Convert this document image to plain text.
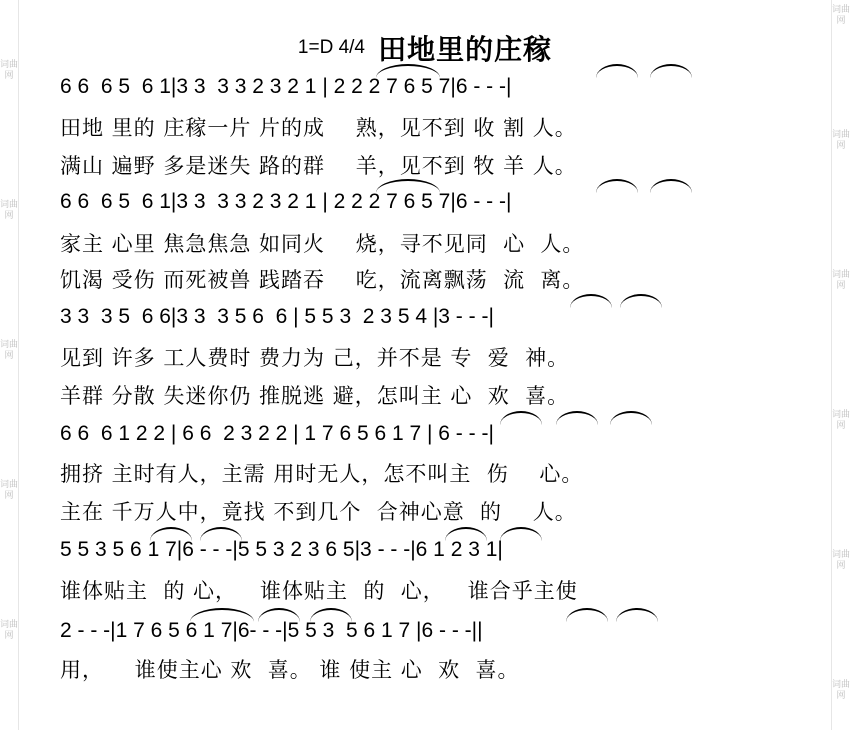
词曲网
词曲网
词曲网
词曲网
词曲网
词曲网
词曲网
词曲网
词曲网
词曲网
词曲网
1=D 4/4 田地里的庄稼
6 6  6 5  6 1|3 3  3 3 2 3 2 1 | 2 2 2 7 6 5 7|6 - - -|
田地 里的 庄稼一片 片的成    熟，见不到 收 割 人。
满山 遍野 多是迷失 路的群    羊，见不到 牧 羊 人。
6 6  6 5  6 1|3 3  3 3 2 3 2 1 | 2 2 2 7 6 5 7|6 - - -|
家主 心里 焦急焦急 如同火    烧，寻不见同  心  人。
饥渴 受伤 而死被兽 践踏吞    吃，流离飘荡  流  离。
3 3  3 5  6 6|3 3  3 5 6  6 | 5 5 3  2 3 5 4 |3 - - -|
见到 许多 工人费时 费力为 己，并不是 专  爱  神。
羊群 分散 失迷你仍 推脱逃 避，怎叫主 心  欢  喜。
6 6  6 1 2 2 | 6 6  2 3 2 2 | 1 7 6 5 6 1 7 | 6 - - -|
拥挤 主时有人，主需 用时无人，怎不叫主  伤    心。
主在 千万人中，竟找 不到几个  合神心意  的    人。
5 5 3 5 6 1 7|6 - - -|5 5 3 2 3 6 5|3 - - -|6 1 2 3 1|
谁体贴主  的 心，   谁体贴主  的  心，   谁合乎主使
2 - - -|1 7 6 5 6 1 7|6- - -|5 5 3  5 6 1 7 |6 - - -||
用，    谁使主心 欢  喜。 谁 使主 心  欢  喜。
